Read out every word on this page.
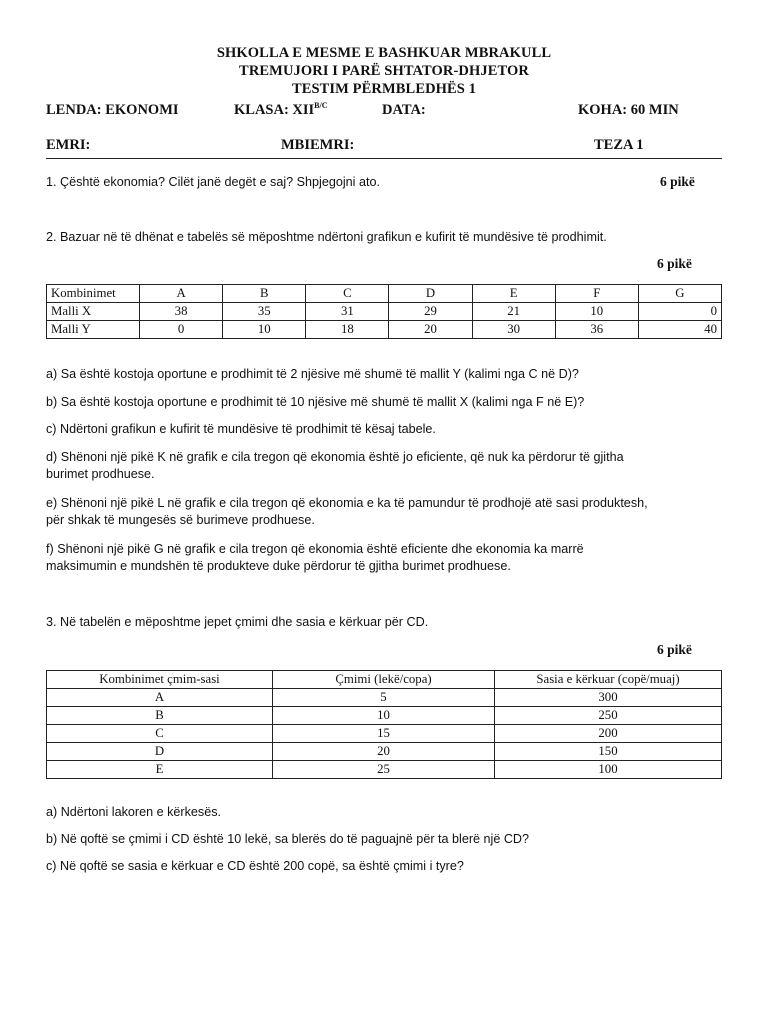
SHKOLLA E MESME E BASHKUAR MBRAKULL
TREMUJORI I PARË SHTATOR-DHJETOR
TESTIM PËRMBLEDHËS 1
LENDA: EKONOMI	KLASA: $XII^{B/C}$	DATA:	KOHA: 60 MIN
EMRI:	MBIEMRI:	TEZA 1
1. Çështë ekonomia? Cilët janë degët e saj? Shpjegojni ato.	6 pikë
2. Bazuar në të dhënat e tabelës së mëposhtme ndërtoni grafikun e kufirit të mundësive të prodhimit.
6 pikë
Kombinimet	A	B	C	D	E	F	G
Malli X	38	35	31	29	21	10	0
Malli Y	0	10	18	20	30	36	40
a) Sa është kostoja oportune e prodhimit të 2 njësive më shumë të mallit Y (kalimi nga C në D)?
b) Sa është kostoja oportune e prodhimit të 10 njësive më shumë të mallit X (kalimi nga F në E)?
c) Ndërtoni grafikun e kufirit të mundësive të prodhimit të kësaj tabele.
d) Shënoni një pikë K në grafik e cila tregon që ekonomia është jo eficiente, që nuk ka përdorur të gjitha
burimet prodhuese.
e) Shënoni një pikë L në grafik e cila tregon që ekonomia e ka të pamundur të prodhojë atë sasi produktesh,
për shkak të mungesës së burimeve prodhuese.
f) Shënoni një pikë G në grafik e cila tregon që ekonomia është eficiente dhe ekonomia ka marrë
maksimumin e mundshën të produkteve duke përdorur të gjitha burimet prodhuese.
3. Në tabelën e mëposhtme jepet çmimi dhe sasia e kërkuar për CD.
6 pikë
Kombinimet çmim-sasi	Çmimi (lekë/copa)	Sasia e kërkuar (copë/muaj)
A	5	300
B	10	250
C	15	200
D	20	150
E	25	100
a) Ndërtoni lakoren e kërkesës.
b) Në qoftë se çmimi i CD është 10 lekë, sa blerës do të paguajnë për ta blerë një CD?
c) Në qoftë se sasia e kërkuar e CD është 200 copë, sa është çmimi i tyre?
